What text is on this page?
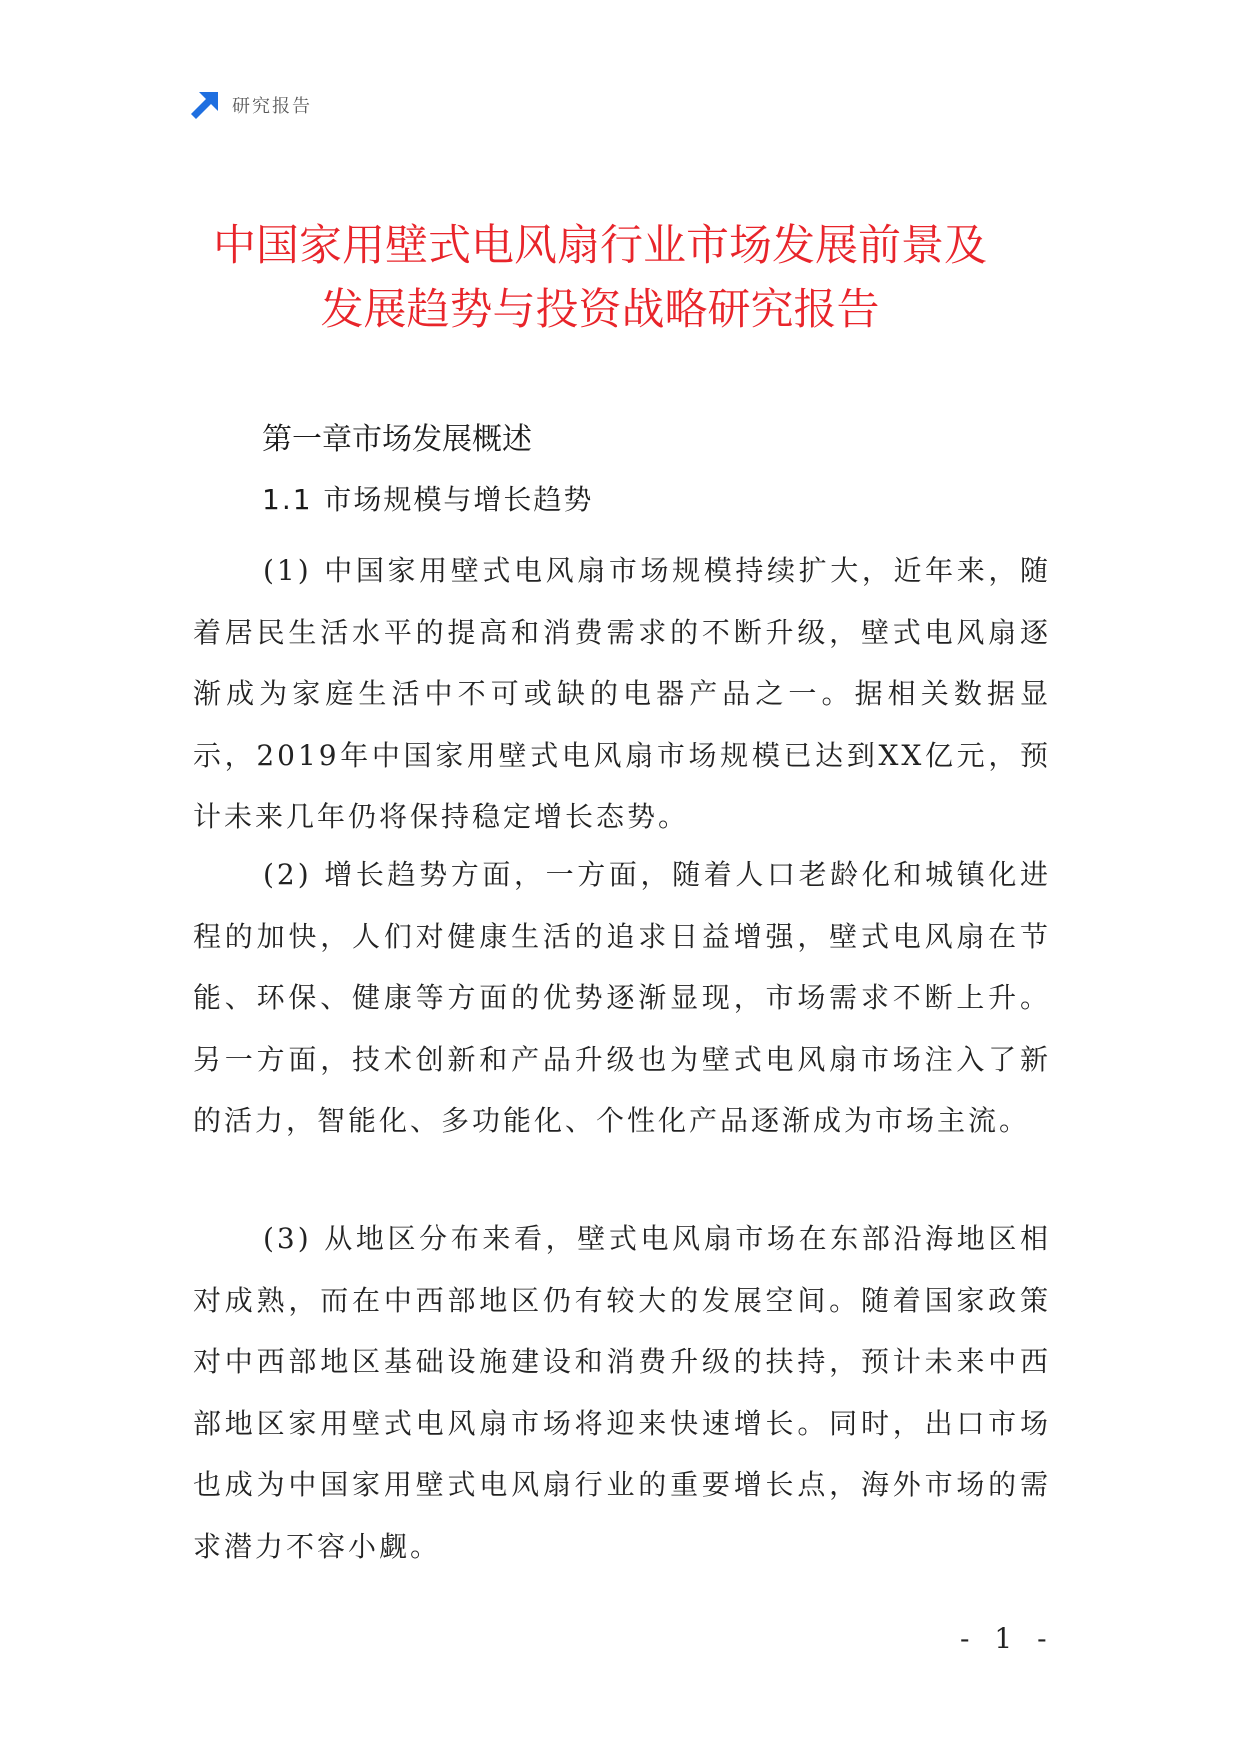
研究报告
中国家用壁式电风扇行业市场发展前景及
发展趋势与投资战略研究报告
第一章市场发展概述
1.1 市场规模与增长趋势

(1) 中国家用壁式电风扇市场规模持续扩大，近年来，随着居民生活水平的提高和消费需求的不断升级，壁式电风扇逐渐成为家庭生活中不可或缺的电器产品之一。据相关数据显示，2019年中国家用壁式电风扇市场规模已达到XX亿元，预计未来几年仍将保持稳定增长态势。

(2) 增长趋势方面，一方面，随着人口老龄化和城镇化进程的加快，人们对健康生活的追求日益增强，壁式电风扇在节能、环保、健康等方面的优势逐渐显现，市场需求不断上升。另一方面，技术创新和产品升级也为壁式电风扇市场注入了新的活力，智能化、多功能化、个性化产品逐渐成为市场主流。

(3) 从地区分布来看，壁式电风扇市场在东部沿海地区相对成熟，而在中西部地区仍有较大的发展空间。随着国家政策对中西部地区基础设施建设和消费升级的扶持，预计未来中西部地区家用壁式电风扇市场将迎来快速增长。同时，出口市场也成为中国家用壁式电风扇行业的重要增长点，海外市场的需求潜力不容小觑。

- 1 -
